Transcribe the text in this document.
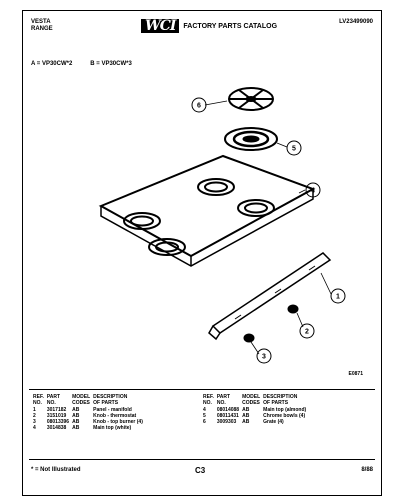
VESTA
RANGE	WCI	FACTORY PARTS CATALOG
LV23499090
A = VP30CW*2	B = VP30CW*3
6
5
4
1
2
3
E0871
REF.
NO.	PART
NO.	MODEL
CODES	DESCRIPTION
OF PARTS
1	3017182	AB	Panel - manifold
2	3151019	AB	Knob - thermostat
3	08013396	AB	Knob - top burner (4)
4	3014838	AB	Main top (white)
REF.
NO.	PART
NO.	MODEL
CODES	DESCRIPTION
OF PARTS
4	08014088	AB	Main top (almond)
5	08011431	AB	Chrome bowls (4)
6	3009303	AB	Grate (4)
* = Not Illustrated	C3	8/88
